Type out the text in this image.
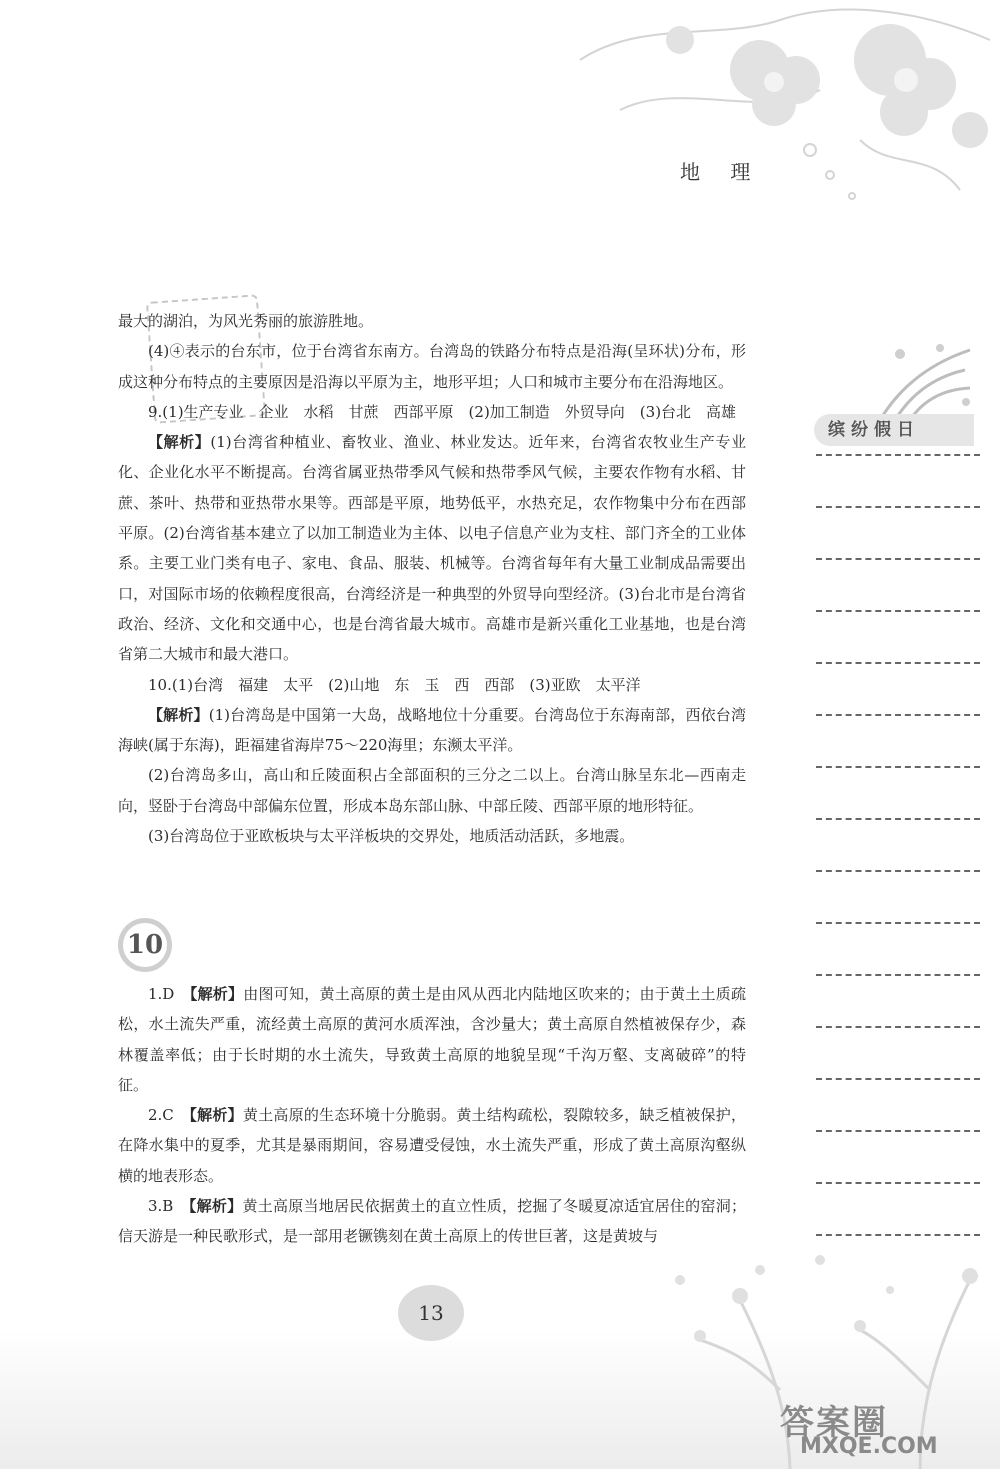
地 理

最大的湖泊，为风光秀丽的旅游胜地。

(4)④表示的台东市，位于台湾省东南方。台湾岛的铁路分布特点是沿海(呈环状)分布，形成这种分布特点的主要原因是沿海以平原为主，地形平坦；人口和城市主要分布在沿海地区。

9.(1)生产专业　企业　水稻　甘蔗　西部平原　(2)加工制造　外贸导向　(3)台北　高雄

【解析】(1)台湾省种植业、畜牧业、渔业、林业发达。近年来，台湾省农牧业生产专业化、企业化水平不断提高。台湾省属亚热带季风气候和热带季风气候，主要农作物有水稻、甘蔗、茶叶、热带和亚热带水果等。西部是平原，地势低平，水热充足，农作物集中分布在西部平原。(2)台湾省基本建立了以加工制造业为主体、以电子信息产业为支柱、部门齐全的工业体系。主要工业门类有电子、家电、食品、服装、机械等。台湾省每年有大量工业制成品需要出口，对国际市场的依赖程度很高，台湾经济是一种典型的外贸导向型经济。(3)台北市是台湾省政治、经济、文化和交通中心，也是台湾省最大城市。高雄市是新兴重化工业基地，也是台湾省第二大城市和最大港口。

10.(1)台湾　福建　太平　(2)山地　东　玉　西　西部　(3)亚欧　太平洋

【解析】(1)台湾岛是中国第一大岛，战略地位十分重要。台湾岛位于东海南部，西依台湾海峡(属于东海)，距福建省海岸75～220海里；东濒太平洋。

(2)台湾岛多山，高山和丘陵面积占全部面积的三分之二以上。台湾山脉呈东北—西南走向，竖卧于台湾岛中部偏东位置，形成本岛东部山脉、中部丘陵、西部平原的地形特征。

(3)台湾岛位于亚欧板块与太平洋板块的交界处，地质活动活跃，多地震。

10

1.D　【解析】由图可知，黄土高原的黄土是由风从西北内陆地区吹来的；由于黄土土质疏松，水土流失严重，流经黄土高原的黄河水质浑浊，含沙量大；黄土高原自然植被保存少，森林覆盖率低；由于长时期的水土流失，导致黄土高原的地貌呈现“千沟万壑、支离破碎”的特征。

2.C　【解析】黄土高原的生态环境十分脆弱。黄土结构疏松，裂隙较多，缺乏植被保护，在降水集中的夏季，尤其是暴雨期间，容易遭受侵蚀，水土流失严重，形成了黄土高原沟壑纵横的地表形态。

3.B　【解析】黄土高原当地居民依据黄土的直立性质，挖掘了冬暖夏凉适宜居住的窑洞；信天游是一种民歌形式，是一部用老镢镌刻在黄土高原上的传世巨著，这是黄坡与

缤纷假日
13
答案圈
MXQE.COM
